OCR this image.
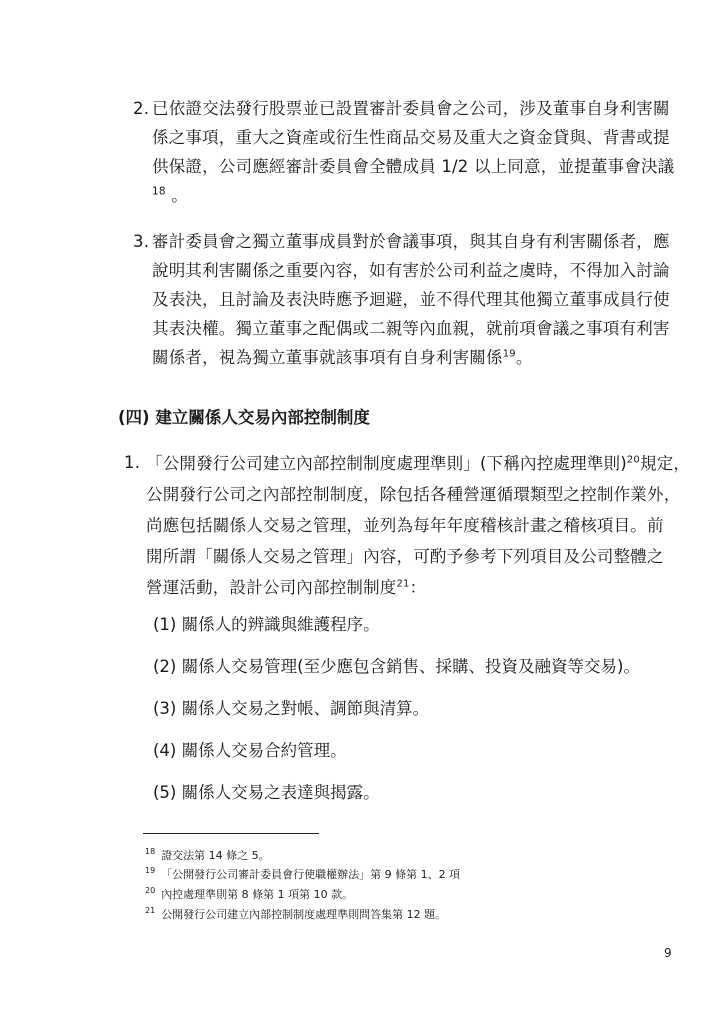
2. 已依證交法發行股票並已設置審計委員會之公司，涉及董事自身利害關
係之事項，重大之資產或衍生性商品交易及重大之資金貸與、背書或提
供保證，公司應經審計委員會全體成員 1/2 以上同意，並提董事會決議
$^{18}$ 。
3. 審計委員會之獨立董事成員對於會議事項，與其自身有利害關係者，應
說明其利害關係之重要內容，如有害於公司利益之虞時，不得加入討論
及表決，且討論及表決時應予迴避，並不得代理其他獨立董事成員行使
其表決權。獨立董事之配偶或二親等內血親，就前項會議之事項有利害
關係者，視為獨立董事就該事項有自身利害關係$^{19}$。
(四) 建立關係人交易內部控制制度
1. 「公開發行公司建立內部控制制度處理準則」(下稱內控處理準則)$^{20}$規定，
公開發行公司之內部控制制度，除包括各種營運循環類型之控制作業外，
尚應包括關係人交易之管理，並列為每年年度稽核計畫之稽核項目。前
開所謂「關係人交易之管理」內容，可酌予參考下列項目及公司整體之
營運活動，設計公司內部控制制度$^{21}$：
(1) 關係人的辨識與維護程序。
(2) 關係人交易管理(至少應包含銷售、採購、投資及融資等交易)。
(3) 關係人交易之對帳、調節與清算。
(4) 關係人交易合約管理。
(5) 關係人交易之表達與揭露。
$^{18}$ 證交法第 14 條之 5。
$^{19}$ 「公開發行公司審計委員會行使職權辦法」第 9 條第 1、2 項
$^{20}$ 內控處理準則第 8 條第 1 項第 10 款。
$^{21}$ 公開發行公司建立內部控制制度處理準則問答集第 12 題。
9
